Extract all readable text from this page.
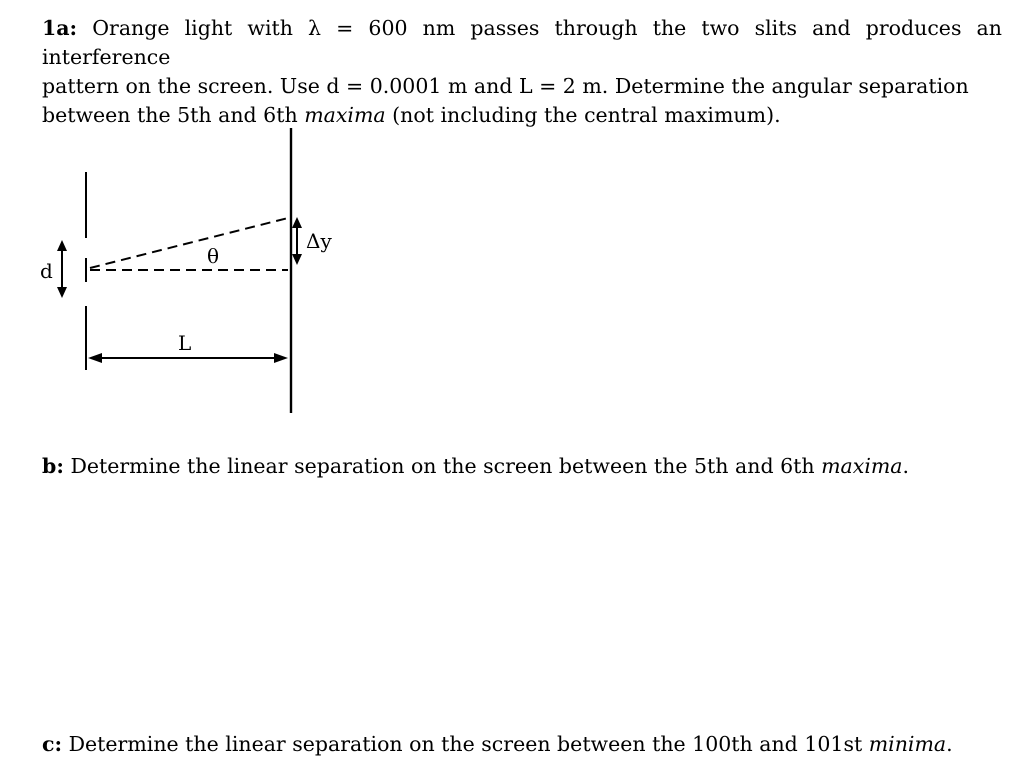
1a: Orange light with λ = 600 nm passes through the two slits and produces an interference
pattern on the screen. Use d = 0.0001 m and L = 2 m. Determine the angular separation
between the 5th and 6th maxima (not including the central maximum).
d
θ
Δy
L
b: Determine the linear separation on the screen between the 5th and 6th maxima.
c: Determine the linear separation on the screen between the 100th and 101st minima.
